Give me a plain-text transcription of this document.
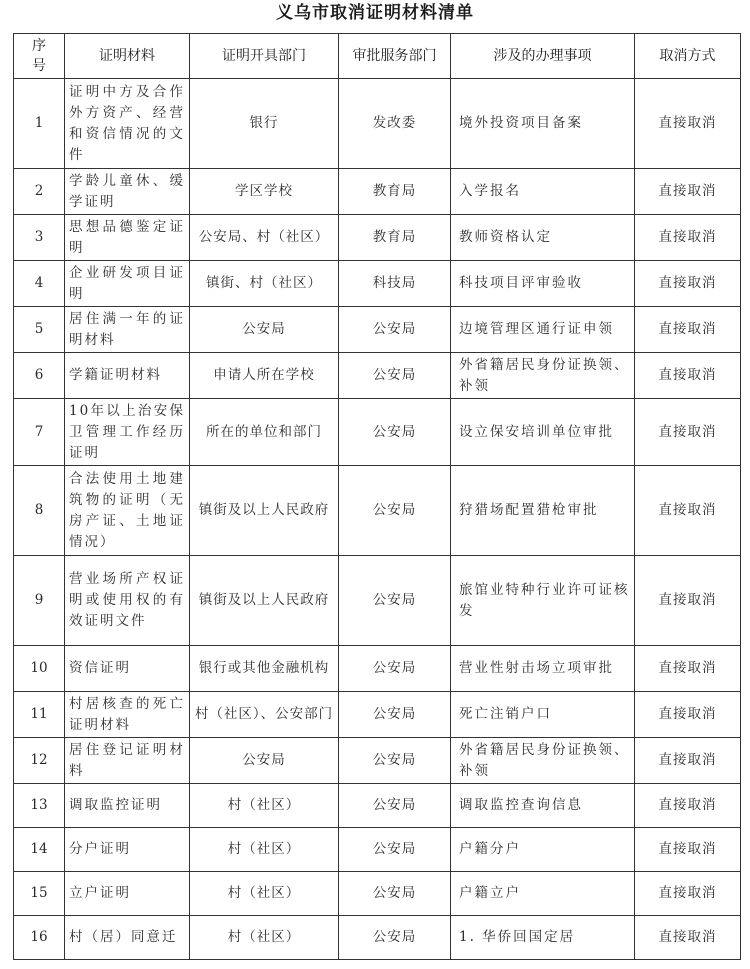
义乌市取消证明材料清单
序号	证明材料	证明开具部门	审批服务部门	涉及的办理事项	取消方式
1	证明中方及合作外方资产、经营和资信情况的文件	银行	发改委	境外投资项目备案	直接取消
2	学龄儿童休、缓学证明	学区学校	教育局	入学报名	直接取消
3	思想品德鉴定证明	公安局、村（社区）	教育局	教师资格认定	直接取消
4	企业研发项目证明	镇街、村（社区）	科技局	科技项目评审验收	直接取消
5	居住满一年的证明材料	公安局	公安局	边境管理区通行证申领	直接取消
6	学籍证明材料	申请人所在学校	公安局	外省籍居民身份证换领、补领	直接取消
7	10年以上治安保卫管理工作经历证明	所在的单位和部门	公安局	设立保安培训单位审批	直接取消
8	合法使用土地建筑物的证明（无房产证、土地证情况）	镇街及以上人民政府	公安局	狩猎场配置猎枪审批	直接取消
9	营业场所产权证明或使用权的有效证明文件	镇街及以上人民政府	公安局	旅馆业特种行业许可证核发	直接取消
10	资信证明	银行或其他金融机构	公安局	营业性射击场立项审批	直接取消
11	村居核查的死亡证明材料	村（社区）、公安部门	公安局	死亡注销户口	直接取消
12	居住登记证明材料	公安局	公安局	外省籍居民身份证换领、补领	直接取消
13	调取监控证明	村（社区）	公安局	调取监控查询信息	直接取消
14	分户证明	村（社区）	公安局	户籍分户	直接取消
15	立户证明	村（社区）	公安局	户籍立户	直接取消
16	村（居）同意迁	村（社区）	公安局	1. 华侨回国定居	直接取消
